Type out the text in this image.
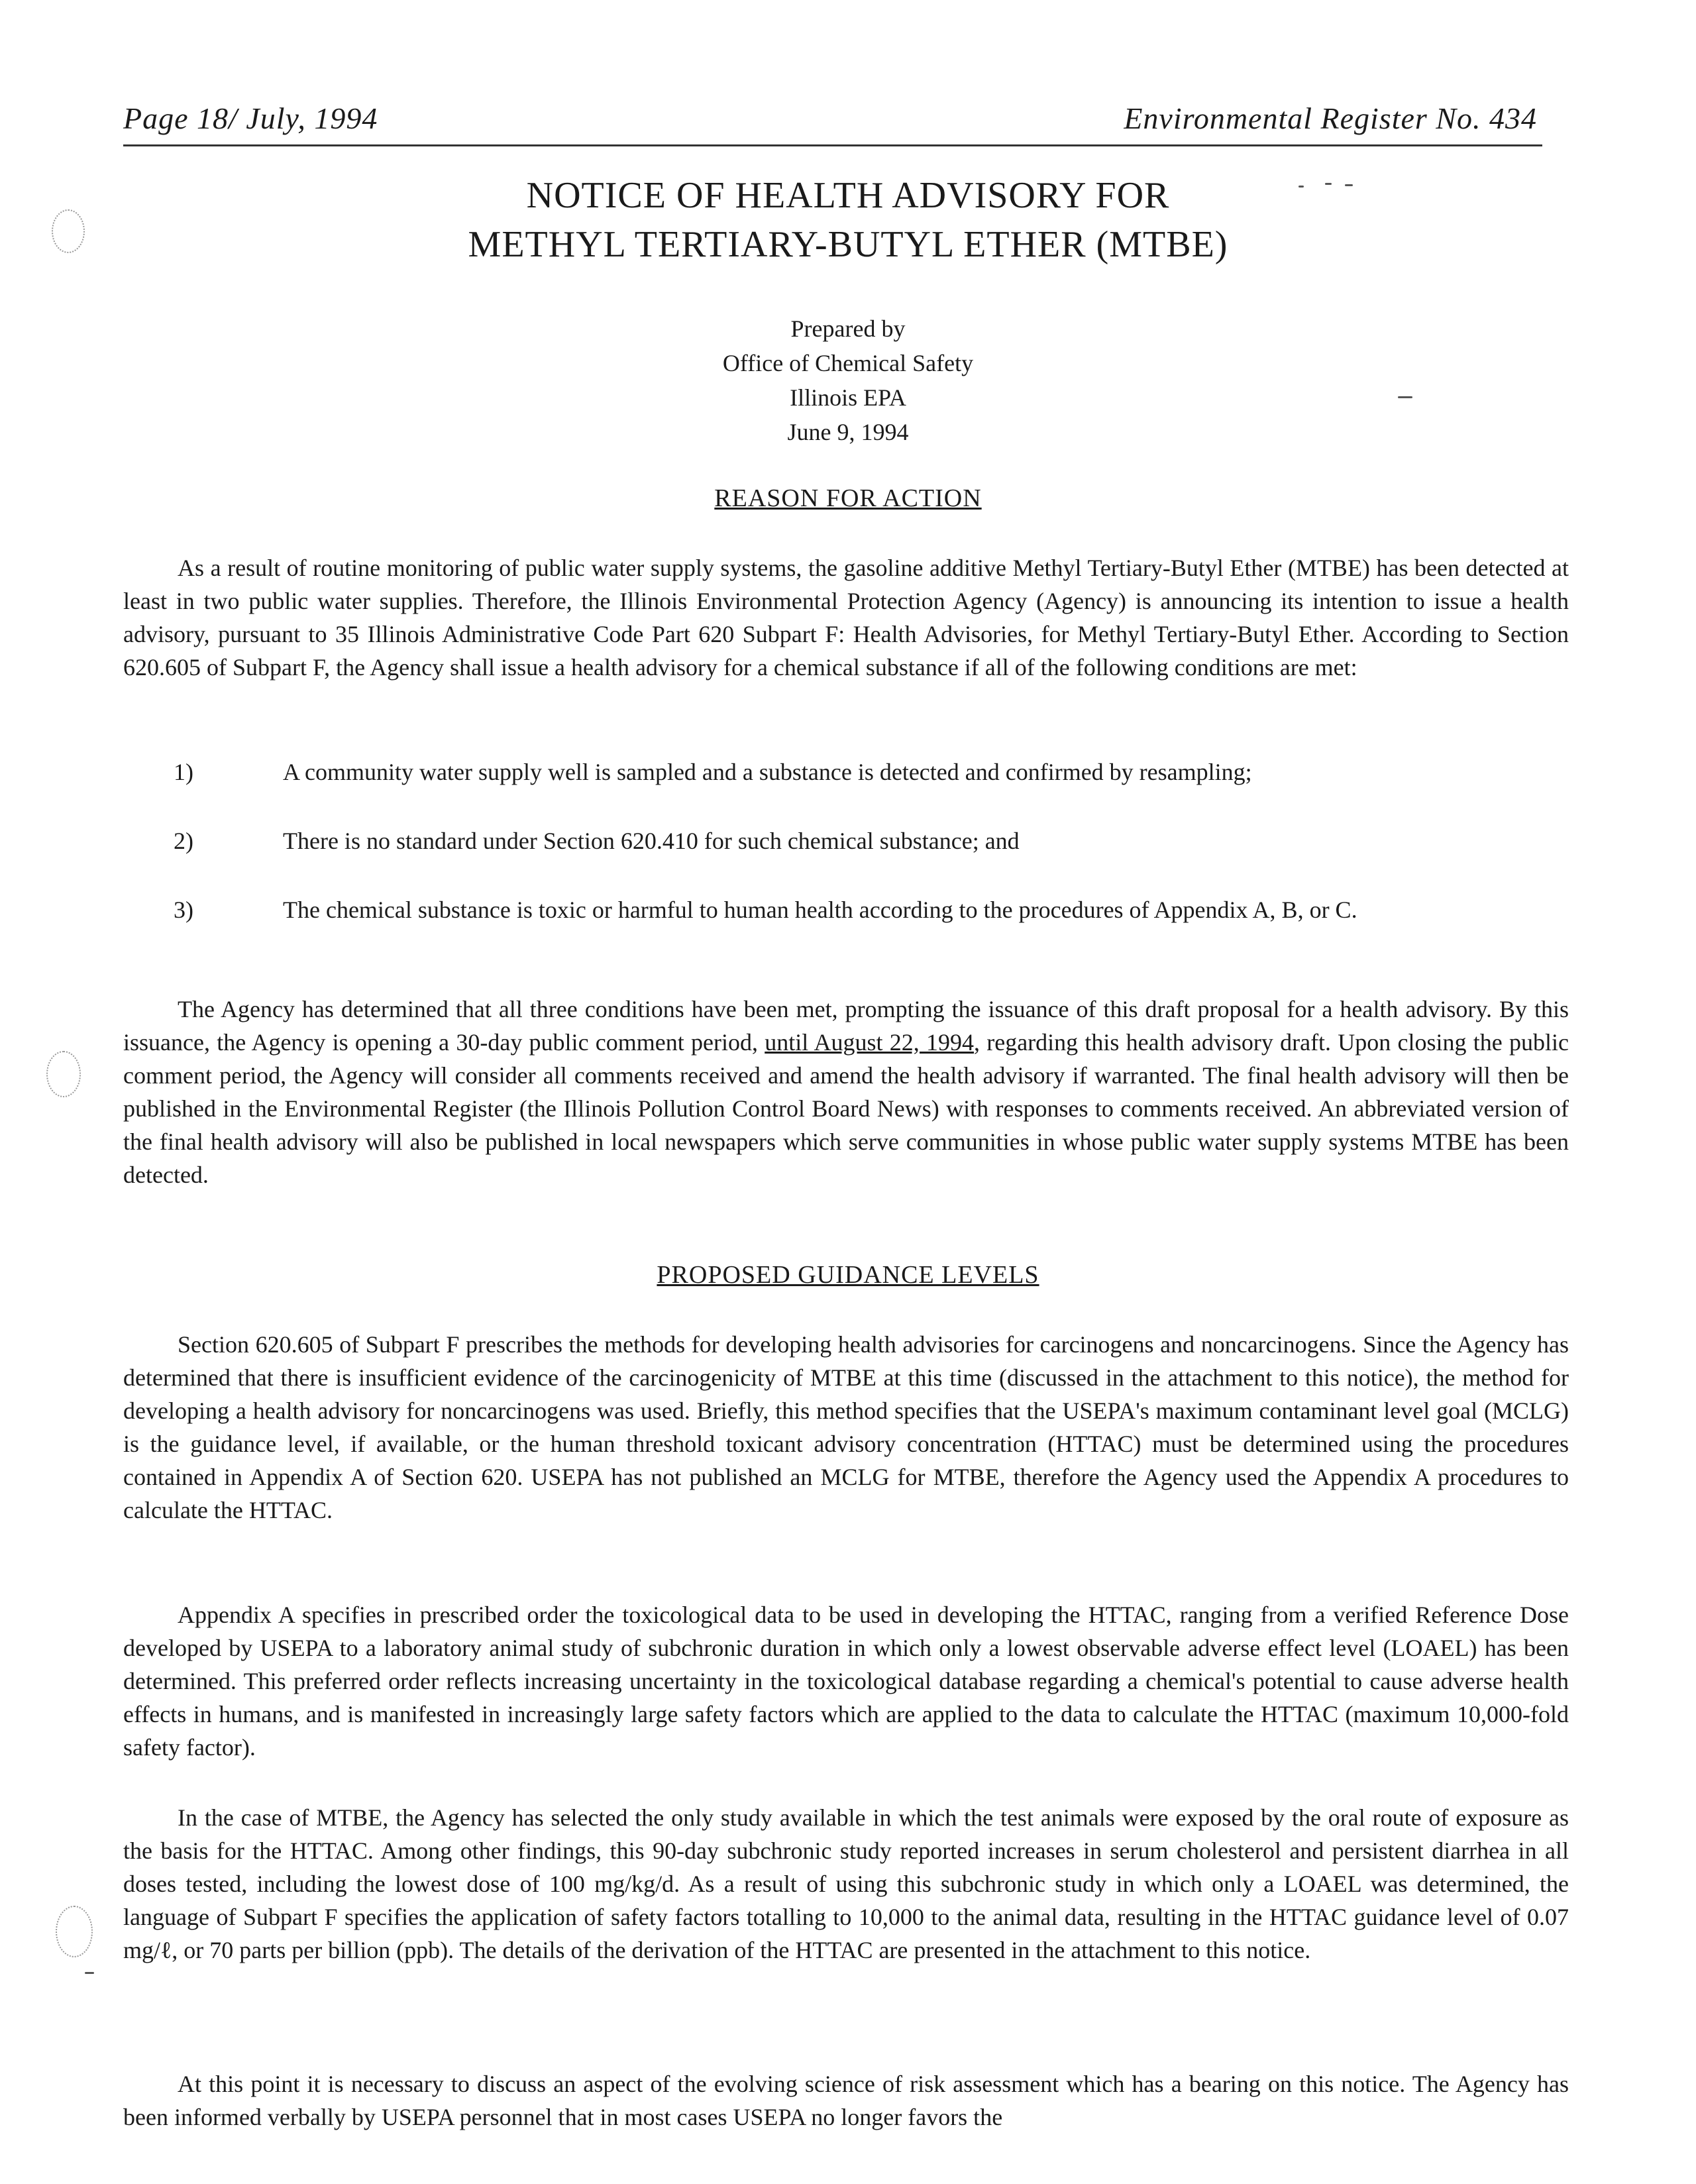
Page 18/ July, 1994	Environmental Register No. 434
NOTICE OF HEALTH ADVISORY FOR
METHYL TERTIARY-BUTYL ETHER (MTBE)
Prepared by
Office of Chemical Safety
Illinois EPA
June 9, 1994
REASON FOR ACTION

As a result of routine monitoring of public water supply systems, the gasoline additive Methyl Tertiary-Butyl Ether (MTBE) has been detected at least in two public water supplies. Therefore, the Illinois Environmental Protection Agency (Agency) is announcing its intention to issue a health advisory, pursuant to 35 Illinois Administrative Code Part 620 Subpart F: Health Advisories, for Methyl Tertiary-Butyl Ether. According to Section 620.605 of Subpart F, the Agency shall issue a health advisory for a chemical substance if all of the following conditions are met:

1)	A community water supply well is sampled and a substance is detected and confirmed by resampling;
2)	There is no standard under Section 620.410 for such chemical substance; and
3)	The chemical substance is toxic or harmful to human health according to the procedures of Appendix A, B, or C.

The Agency has determined that all three conditions have been met, prompting the issuance of this draft proposal for a health advisory. By this issuance, the Agency is opening a 30-day public comment period, until August 22, 1994, regarding this health advisory draft. Upon closing the public comment period, the Agency will consider all comments received and amend the health advisory if warranted. The final health advisory will then be published in the Environmental Register (the Illinois Pollution Control Board News) with responses to comments received. An abbreviated version of the final health advisory will also be published in local newspapers which serve communities in whose public water supply systems MTBE has been detected.

PROPOSED GUIDANCE LEVELS

Section 620.605 of Subpart F prescribes the methods for developing health advisories for carcinogens and noncarcinogens. Since the Agency has determined that there is insufficient evidence of the carcinogenicity of MTBE at this time (discussed in the attachment to this notice), the method for developing a health advisory for noncarcinogens was used. Briefly, this method specifies that the USEPA's maximum contaminant level goal (MCLG) is the guidance level, if available, or the human threshold toxicant advisory concentration (HTTAC) must be determined using the procedures contained in Appendix A of Section 620. USEPA has not published an MCLG for MTBE, therefore the Agency used the Appendix A procedures to calculate the HTTAC.

Appendix A specifies in prescribed order the toxicological data to be used in developing the HTTAC, ranging from a verified Reference Dose developed by USEPA to a laboratory animal study of subchronic duration in which only a lowest observable adverse effect level (LOAEL) has been determined. This preferred order reflects increasing uncertainty in the toxicological database regarding a chemical's potential to cause adverse health effects in humans, and is manifested in increasingly large safety factors which are applied to the data to calculate the HTTAC (maximum 10,000-fold safety factor).

In the case of MTBE, the Agency has selected the only study available in which the test animals were exposed by the oral route of exposure as the basis for the HTTAC. Among other findings, this 90-day subchronic study reported increases in serum cholesterol and persistent diarrhea in all doses tested, including the lowest dose of 100 mg/kg/d. As a result of using this subchronic study in which only a LOAEL was determined, the language of Subpart F specifies the application of safety factors totalling to 10,000 to the animal data, resulting in the HTTAC guidance level of 0.07 mg/ℓ, or 70 parts per billion (ppb). The details of the derivation of the HTTAC are presented in the attachment to this notice.

At this point it is necessary to discuss an aspect of the evolving science of risk assessment which has a bearing on this notice. The Agency has been informed verbally by USEPA personnel that in most cases USEPA no longer favors the
